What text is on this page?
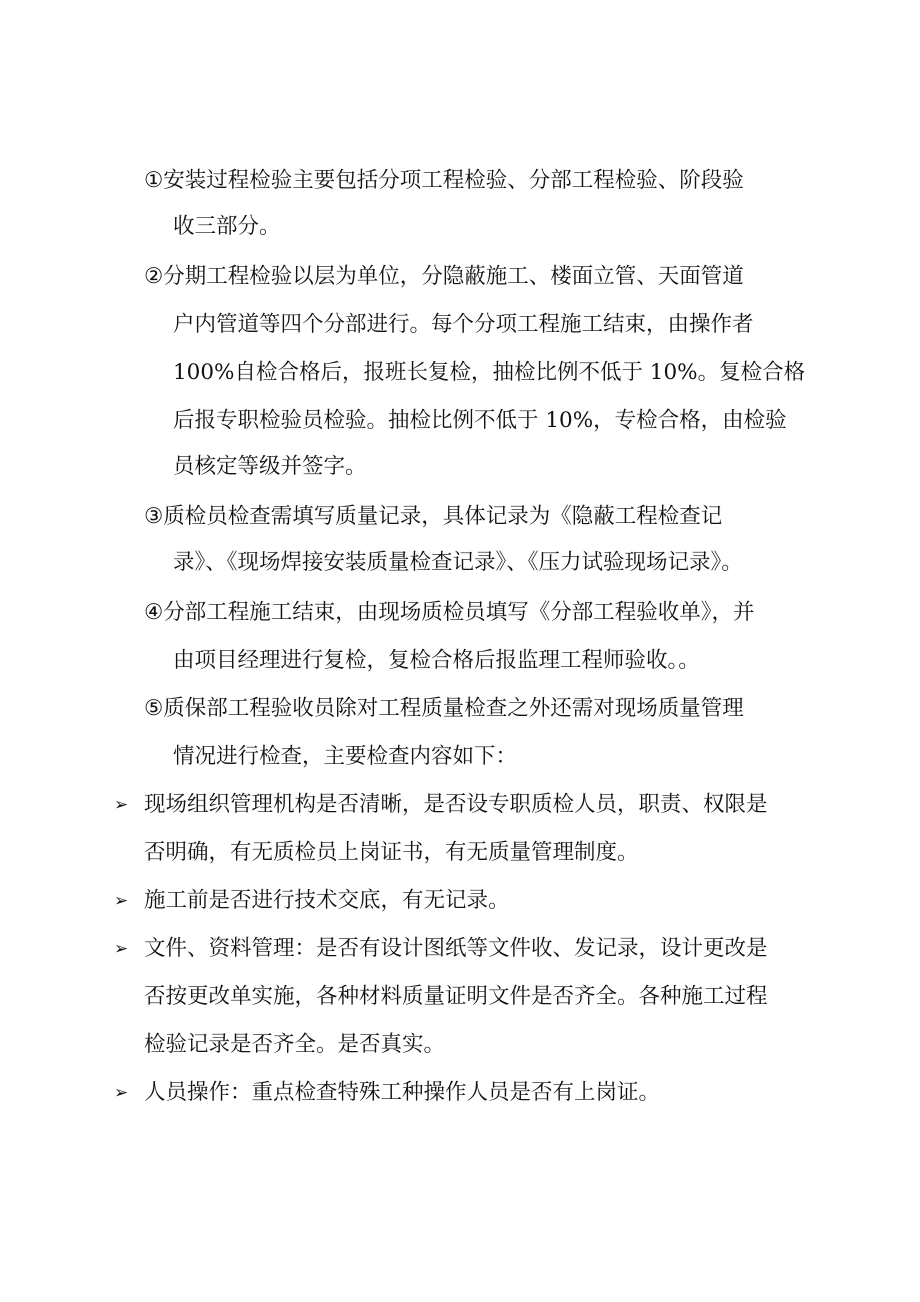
①安装过程检验主要包括分项工程检验、分部工程检验、阶段验
收三部分。
②分期工程检验以层为单位，分隐蔽施工、楼面立管、天面管道
户内管道等四个分部进行。每个分项工程施工结束，由操作者
100%自检合格后，报班长复检，抽检比例不低于 10%。复检合格
后报专职检验员检验。抽检比例不低于 10%，专检合格，由检验
员核定等级并签字。
③质检员检查需填写质量记录，具体记录为《隐蔽工程检查记
录》、《现场焊接安装质量检查记录》、《压力试验现场记录》。
④分部工程施工结束，由现场质检员填写《分部工程验收单》，并
由项目经理进行复检，复检合格后报监理工程师验收。。
⑤质保部工程验收员除对工程质量检查之外还需对现场质量管理
情况进行检查，主要检查内容如下：
➢ 现场组织管理机构是否清晰，是否设专职质检人员，职责、权限是
否明确，有无质检员上岗证书，有无质量管理制度。
➢ 施工前是否进行技术交底，有无记录。
➢ 文件、资料管理：是否有设计图纸等文件收、发记录，设计更改是
否按更改单实施，各种材料质量证明文件是否齐全。各种施工过程
检验记录是否齐全。是否真实。
➢ 人员操作：重点检查特殊工种操作人员是否有上岗证。
